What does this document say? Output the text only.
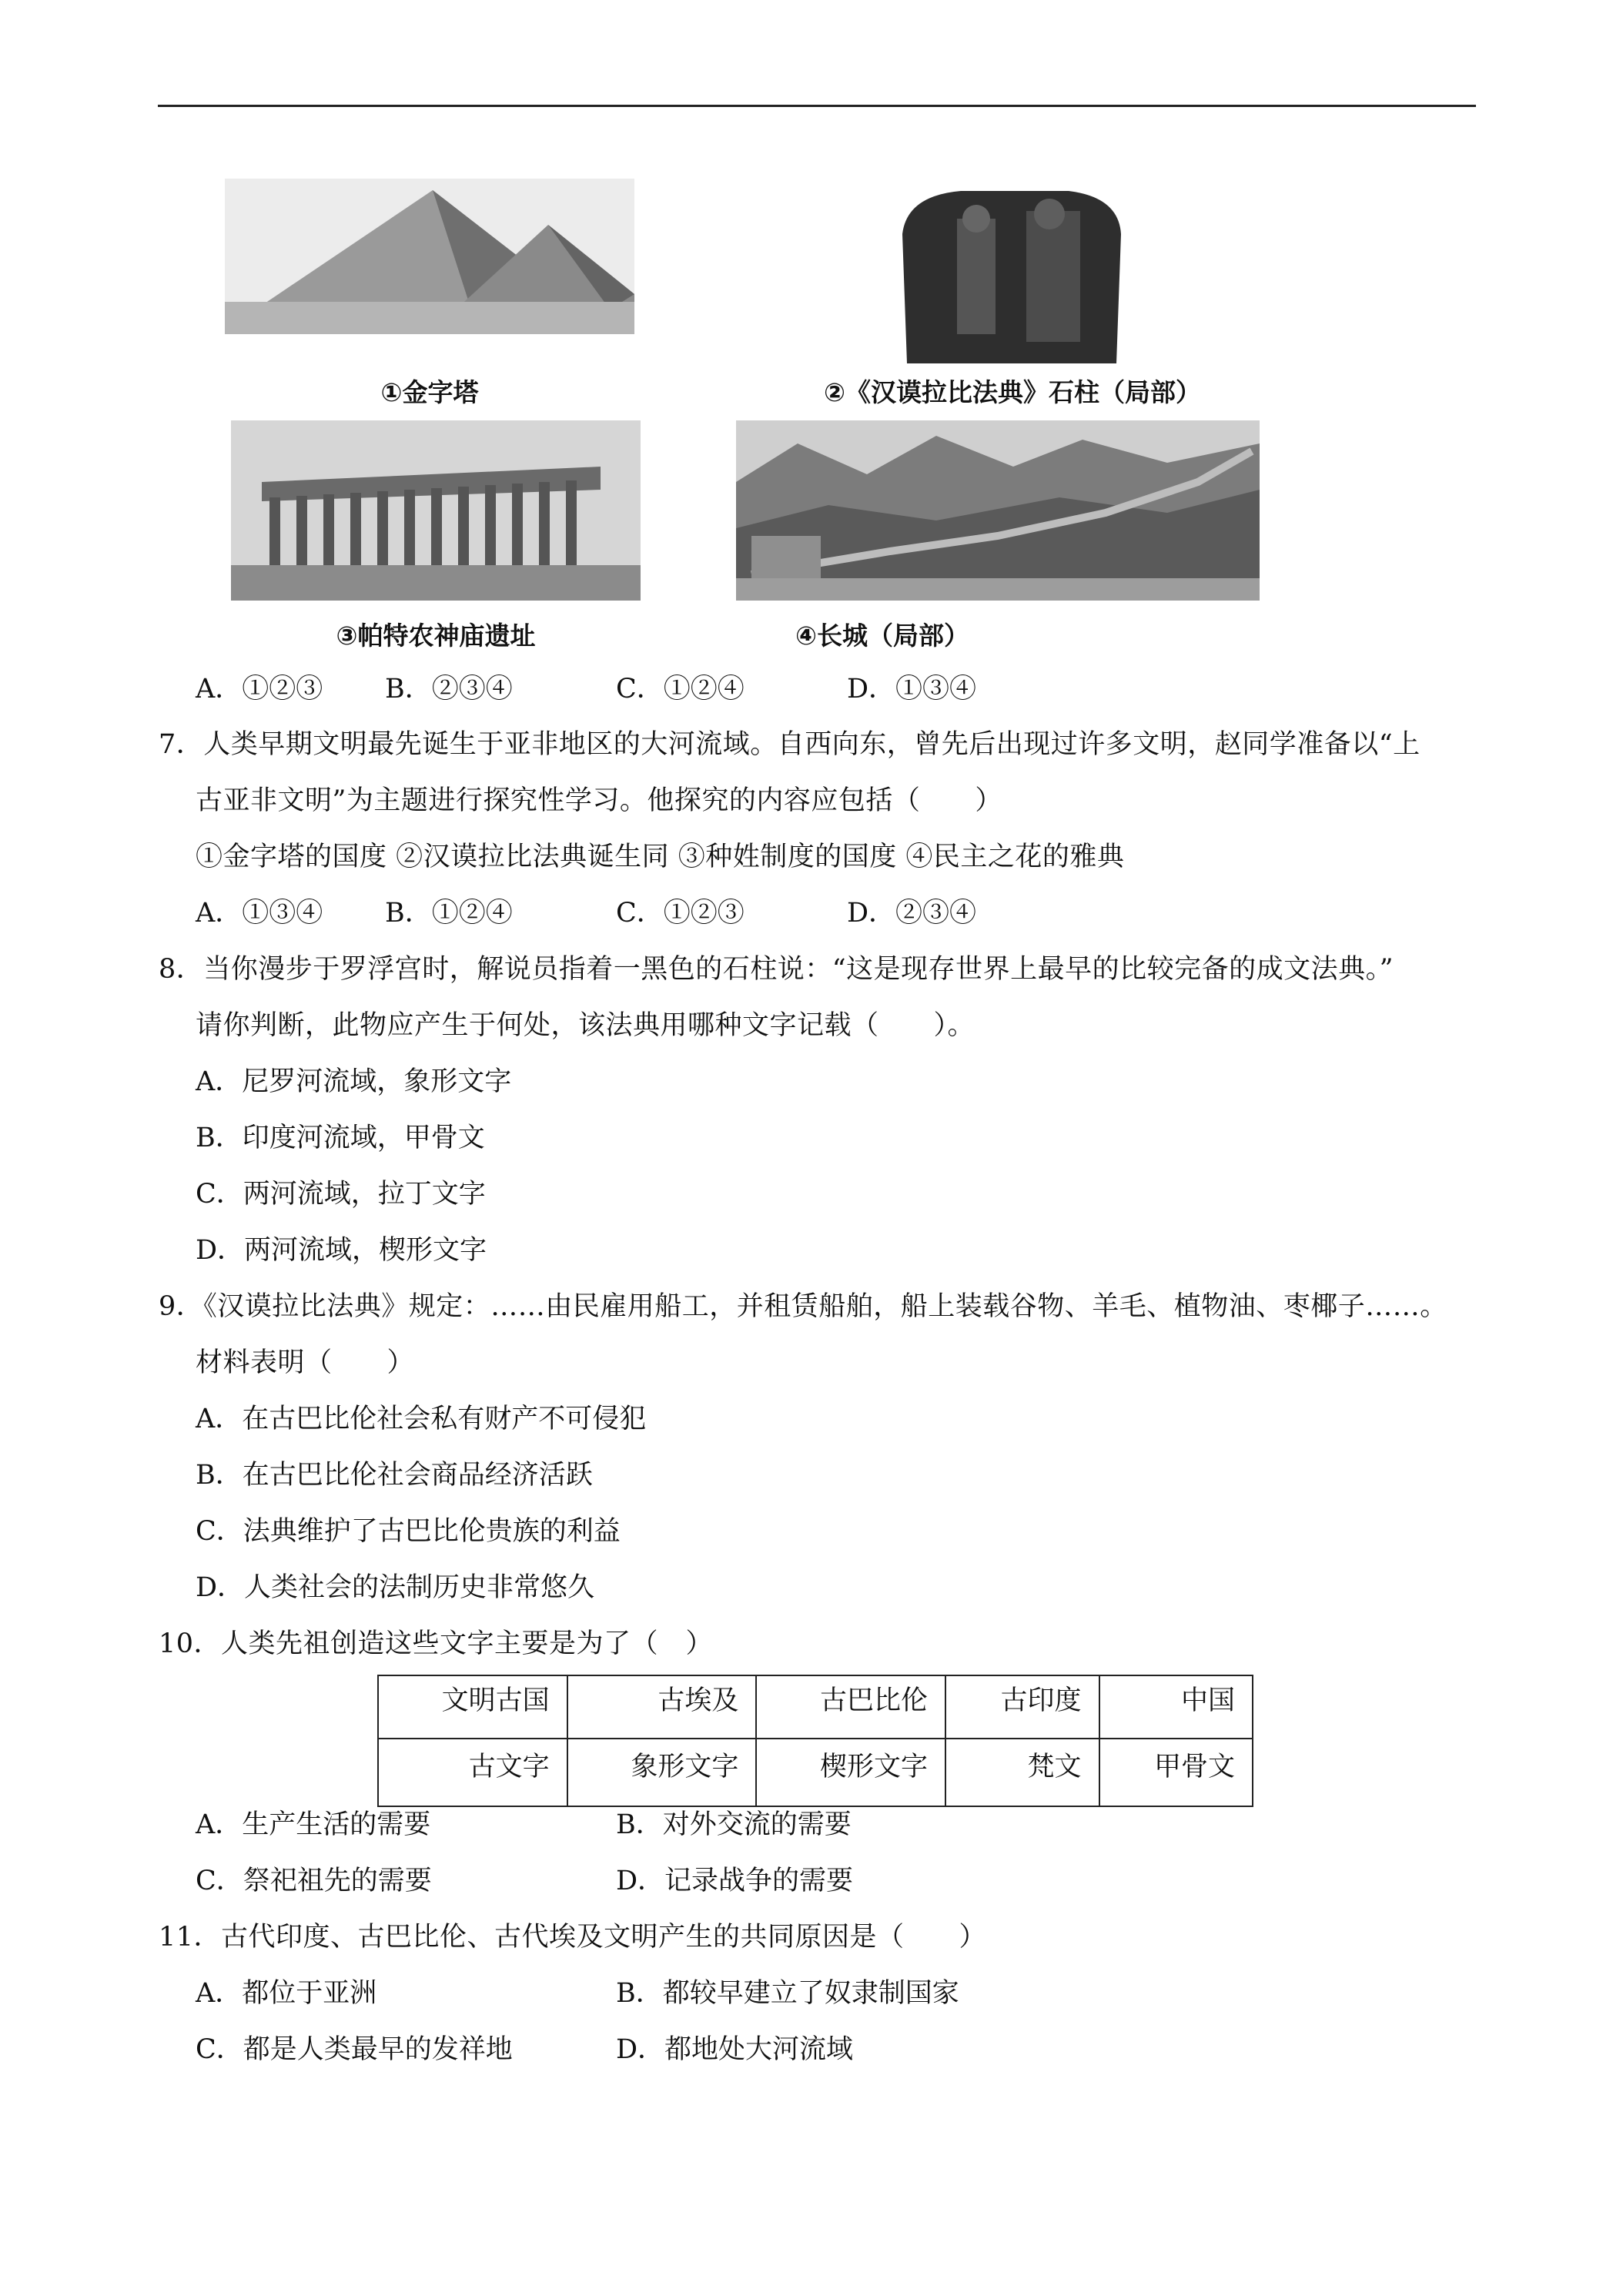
①金字塔	②《汉谟拉比法典》石柱（局部）
③帕特农神庙遗址	④长城（局部）
A．①②③ B．②③④	C．①②④	D．①③④
7．人类早期文明最先诞生于亚非地区的大河流域。自西向东，曾先后出现过许多文明，赵同学准备以“上
古亚非文明”为主题进行探究性学习。他探究的内容应包括（　　）
①金字塔的国度 ②汉谟拉比法典诞生同 ③种姓制度的国度 ④民主之花的雅典
A．①③④ B．①②④	C．①②③	D．②③④
8．当你漫步于罗浮宫时，解说员指着一黑色的石柱说：“这是现存世界上最早的比较完备的成文法典。”
请你判断，此物应产生于何处，该法典用哪种文字记载（　　）。
A．尼罗河流域，象形文字
B．印度河流域，甲骨文
C．两河流域，拉丁文字
D．两河流域，楔形文字
9．《汉谟拉比法典》规定：……由民雇用船工，并租赁船舶，船上装载谷物、羊毛、植物油、枣椰子……。
材料表明（　　）
A．在古巴比伦社会私有财产不可侵犯
B．在古巴比伦社会商品经济活跃
C．法典维护了古巴比伦贵族的利益
D．人类社会的法制历史非常悠久
10．人类先祖创造这些文字主要是为了（　）
文明古国	古埃及	古巴比伦	古印度	中国
古文字	象形文字	楔形文字	梵文	甲骨文
A．生产生活的需要	B．对外交流的需要
C．祭祀祖先的需要	D．记录战争的需要
11．古代印度、古巴比伦、古代埃及文明产生的共同原因是（　　）
A．都位于亚洲	B．都较早建立了奴隶制国家
C．都是人类最早的发祥地	D．都地处大河流域
